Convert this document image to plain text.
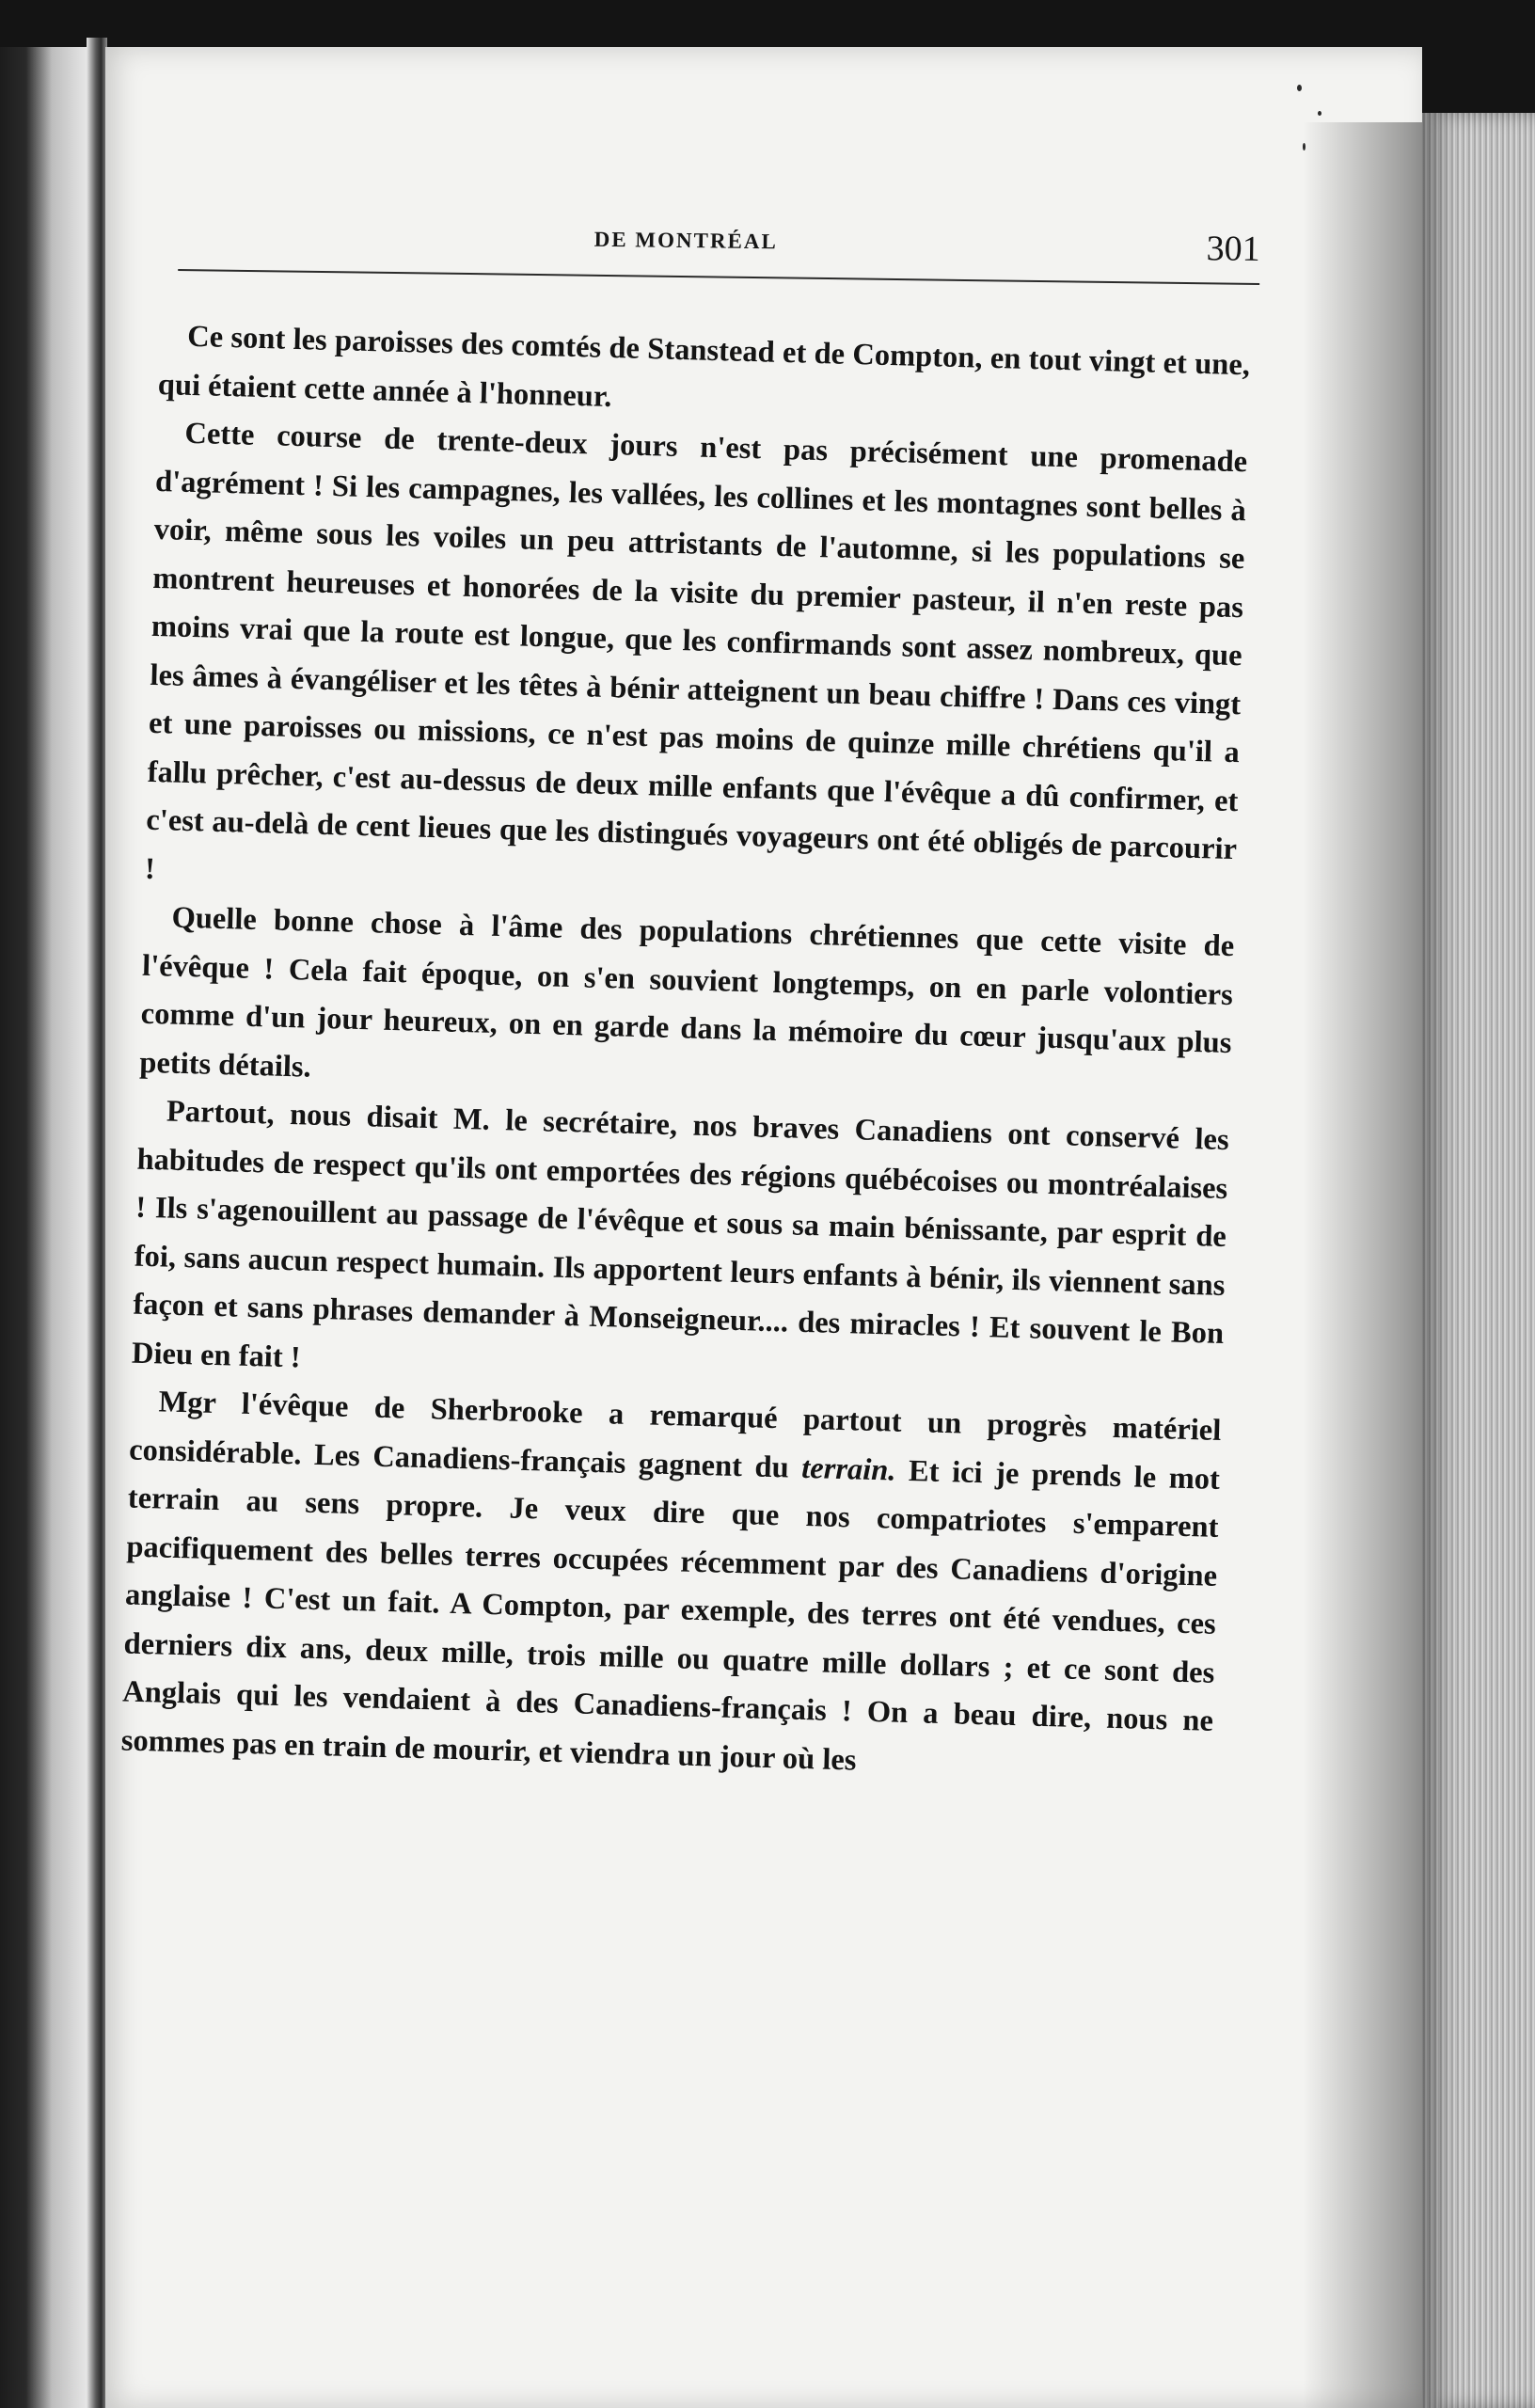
DE MONTRÉAL	301

Ce sont les paroisses des comtés de Stanstead et de Compton, en tout vingt et une, qui étaient cette année à l'honneur.

Cette course de trente-deux jours n'est pas précisément une promenade d'agrément ! Si les campagnes, les vallées, les collines et les montagnes sont belles à voir, même sous les voiles un peu attristants de l'automne, si les populations se montrent heureuses et honorées de la visite du premier pasteur, il n'en reste pas moins vrai que la route est longue, que les confirmands sont assez nombreux, que les âmes à évangéliser et les têtes à bénir atteignent un beau chiffre ! Dans ces vingt et une paroisses ou missions, ce n'est pas moins de quinze mille chrétiens qu'il a fallu prêcher, c'est au-dessus de deux mille enfants que l'évêque a dû confirmer, et c'est au-delà de cent lieues que les distingués voyageurs ont été obligés de parcourir !

Quelle bonne chose à l'âme des populations chrétiennes que cette visite de l'évêque ! Cela fait époque, on s'en souvient longtemps, on en parle volontiers comme d'un jour heureux, on en garde dans la mémoire du cœur jusqu'aux plus petits détails.

Partout, nous disait M. le secrétaire, nos braves Canadiens ont conservé les habitudes de respect qu'ils ont emportées des régions québécoises ou montréalaises ! Ils s'agenouillent au passage de l'évêque et sous sa main bénissante, par esprit de foi, sans aucun respect humain. Ils apportent leurs enfants à bénir, ils viennent sans façon et sans phrases demander à Monseigneur.... des miracles ! Et souvent le Bon Dieu en fait !

Mgr l'évêque de Sherbrooke a remarqué partout un progrès matériel considérable. Les Canadiens-français gagnent du terrain. Et ici je prends le mot terrain au sens propre. Je veux dire que nos compatriotes s'emparent pacifiquement des belles terres occupées récemment par des Canadiens d'origine anglaise ! C'est un fait. A Compton, par exemple, des terres ont été vendues, ces derniers dix ans, deux mille, trois mille ou quatre mille dollars ; et ce sont des Anglais qui les vendaient à des Canadiens-français ! On a beau dire, nous ne sommes pas en train de mourir, et viendra un jour où les
